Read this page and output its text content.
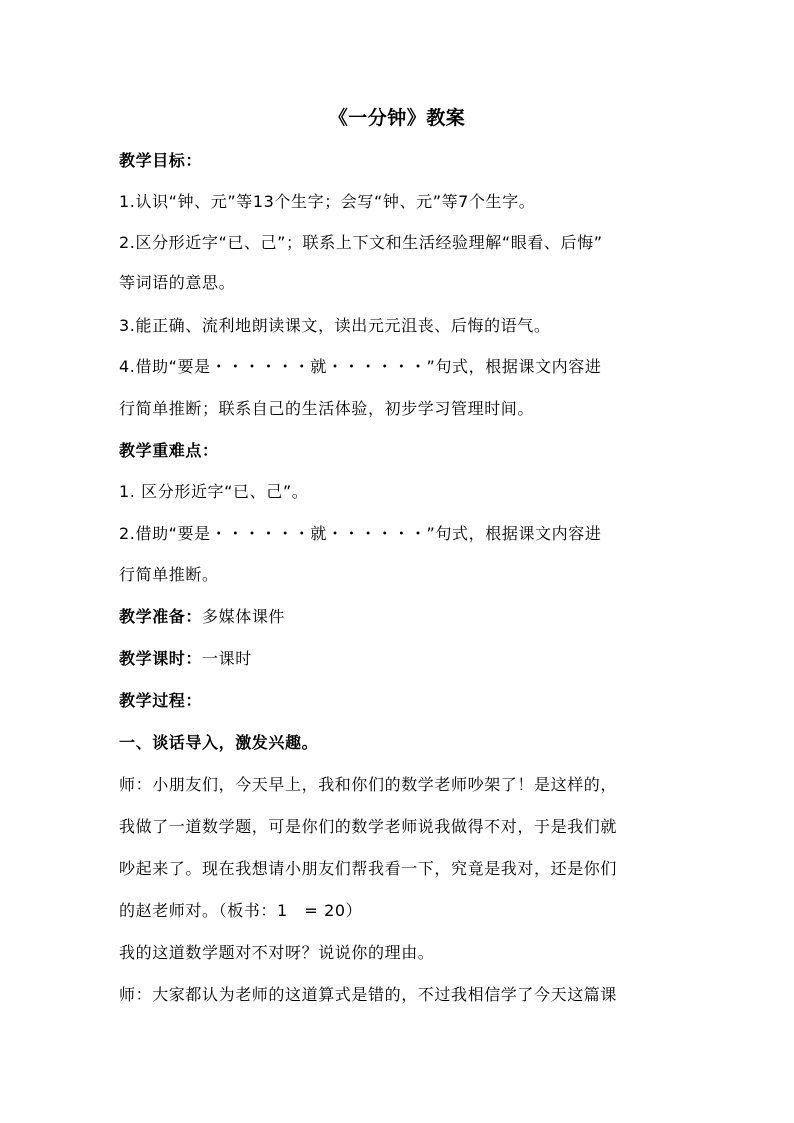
《一分钟》教案
教学目标：
1.认识“钟、元”等13个生字；会写“钟、元”等7个生字。
2.区分形近字“已、己”；联系上下文和生活经验理解“眼看、后悔”
等词语的意思。
3.能正确、流利地朗读课文，读出元元沮丧、后悔的语气。
4.借助“要是・・・・・・就・・・・・・”句式，根据课文内容进
行简单推断；联系自己的生活体验，初步学习管理时间。
教学重难点：
1. 区分形近字“已、己”。
2.借助“要是・・・・・・就・・・・・・”句式，根据课文内容进
行简单推断。
教学准备：多媒体课件
教学课时：一课时
教学过程：
一、谈话导入，激发兴趣。
师：小朋友们，今天早上，我和你们的数学老师吵架了！是这样的，
我做了一道数学题，可是你们的数学老师说我做得不对，于是我们就
吵起来了。现在我想请小朋友们帮我看一下，究竟是我对，还是你们
的赵老师对。（板书：1　= 20）
我的这道数学题对不对呀？说说你的理由。
师：大家都认为老师的这道算式是错的，不过我相信学了今天这篇课
